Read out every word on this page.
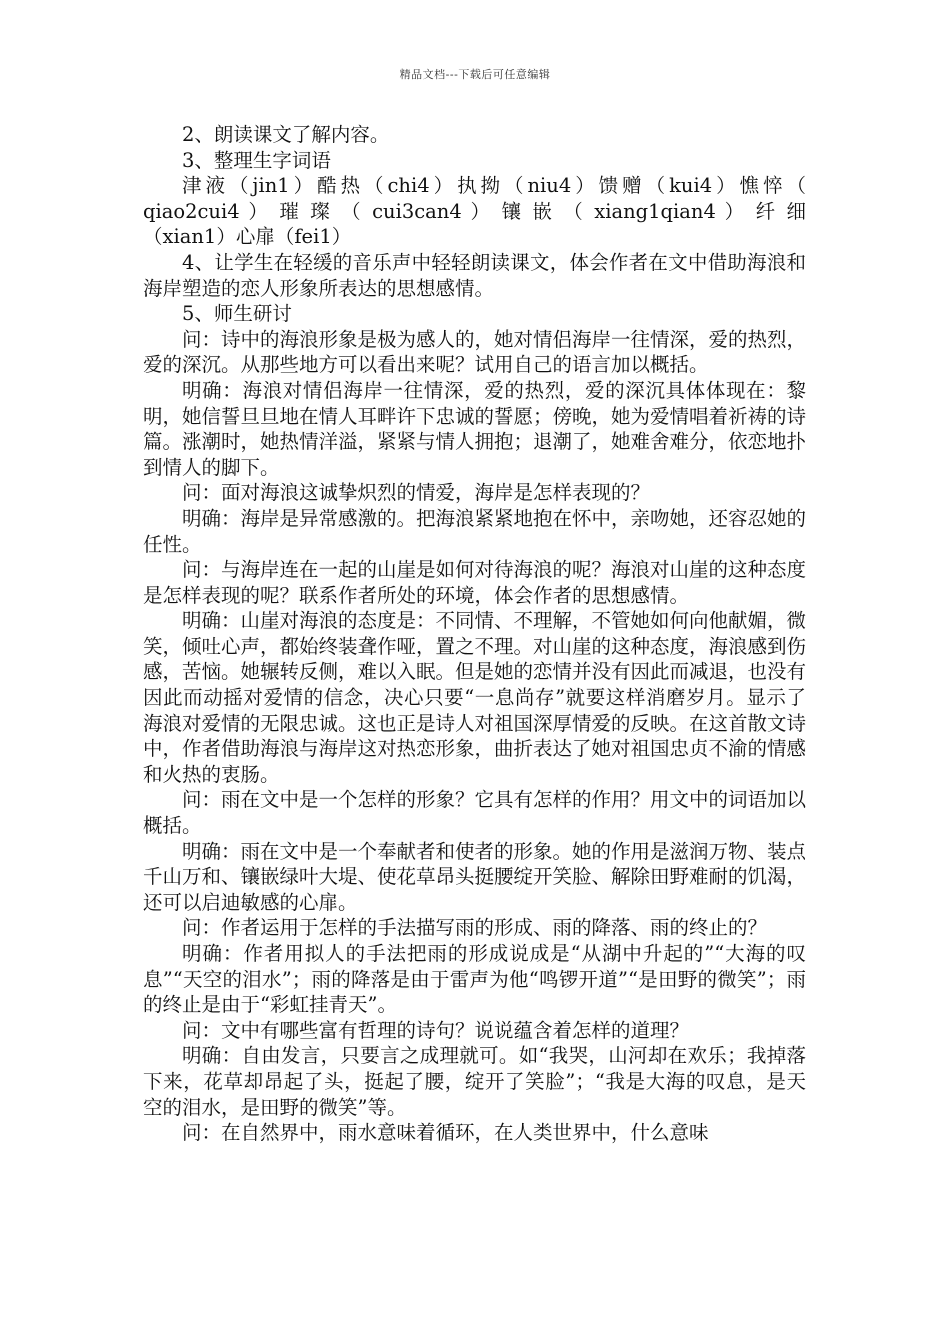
精品文档---下载后可任意编辑

2、朗读课文了解内容。

3、整理生字词语

津液（jin1）酷热（chi4）执拗（niu4）馈赠（kui4）憔悴（ qiao2cui4 ） 璀 璨 （ cui3can4 ） 镶 嵌 （ xiang1qian4 ） 纤 细（xian1）心扉（fei1）

4、让学生在轻缓的音乐声中轻轻朗读课文，体会作者在文中借助海浪和海岸塑造的恋人形象所表达的思想感情。

5、师生研讨

问：诗中的海浪形象是极为感人的，她对情侣海岸一往情深，爱的热烈，爱的深沉。从那些地方可以看出来呢？试用自己的语言加以概括。

明确：海浪对情侣海岸一往情深，爱的热烈，爱的深沉具体体现在：黎明，她信誓旦旦地在情人耳畔许下忠诚的誓愿；傍晚，她为爱情唱着祈祷的诗篇。涨潮时，她热情洋溢，紧紧与情人拥抱；退潮了，她难舍难分，依恋地扑到情人的脚下。

问：面对海浪这诚挚炽烈的情爱，海岸是怎样表现的？

明确：海岸是异常感激的。把海浪紧紧地抱在怀中，亲吻她，还容忍她的任性。

问：与海岸连在一起的山崖是如何对待海浪的呢？海浪对山崖的这种态度是怎样表现的呢？联系作者所处的环境，体会作者的思想感情。

明确：山崖对海浪的态度是：不同情、不理解，不管她如何向他献媚，微笑，倾吐心声，都始终装聋作哑，置之不理。对山崖的这种态度，海浪感到伤感，苦恼。她辗转反侧，难以入眠。但是她的恋情并没有因此而减退，也没有因此而动摇对爱情的信念，决心只要“一息尚存”就要这样消磨岁月。显示了海浪对爱情的无限忠诚。这也正是诗人对祖国深厚情爱的反映。在这首散文诗中，作者借助海浪与海岸这对热恋形象，曲折表达了她对祖国忠贞不渝的情感和火热的衷肠。

问：雨在文中是一个怎样的形象？它具有怎样的作用？用文中的词语加以概括。

明确：雨在文中是一个奉献者和使者的形象。她的作用是滋润万物、装点千山万和、镶嵌绿叶大堤、使花草昂头挺腰绽开笑脸、解除田野难耐的饥渴，还可以启迪敏感的心扉。

问：作者运用于怎样的手法描写雨的形成、雨的降落、雨的终止的？

明确：作者用拟人的手法把雨的形成说成是“从湖中升起的”“大海的叹息”“天空的泪水”；雨的降落是由于雷声为他“鸣锣开道”“是田野的微笑”；雨的终止是由于“彩虹挂青天”。

问：文中有哪些富有哲理的诗句？说说蕴含着怎样的道理？

明确：自由发言，只要言之成理就可。如“我哭，山河却在欢乐；我掉落下来，花草却昂起了头，挺起了腰，绽开了笑脸”；“我是大海的叹息，是天空的泪水，是田野的微笑”等。

问：在自然界中，雨水意味着循环，在人类世界中，什么意味
